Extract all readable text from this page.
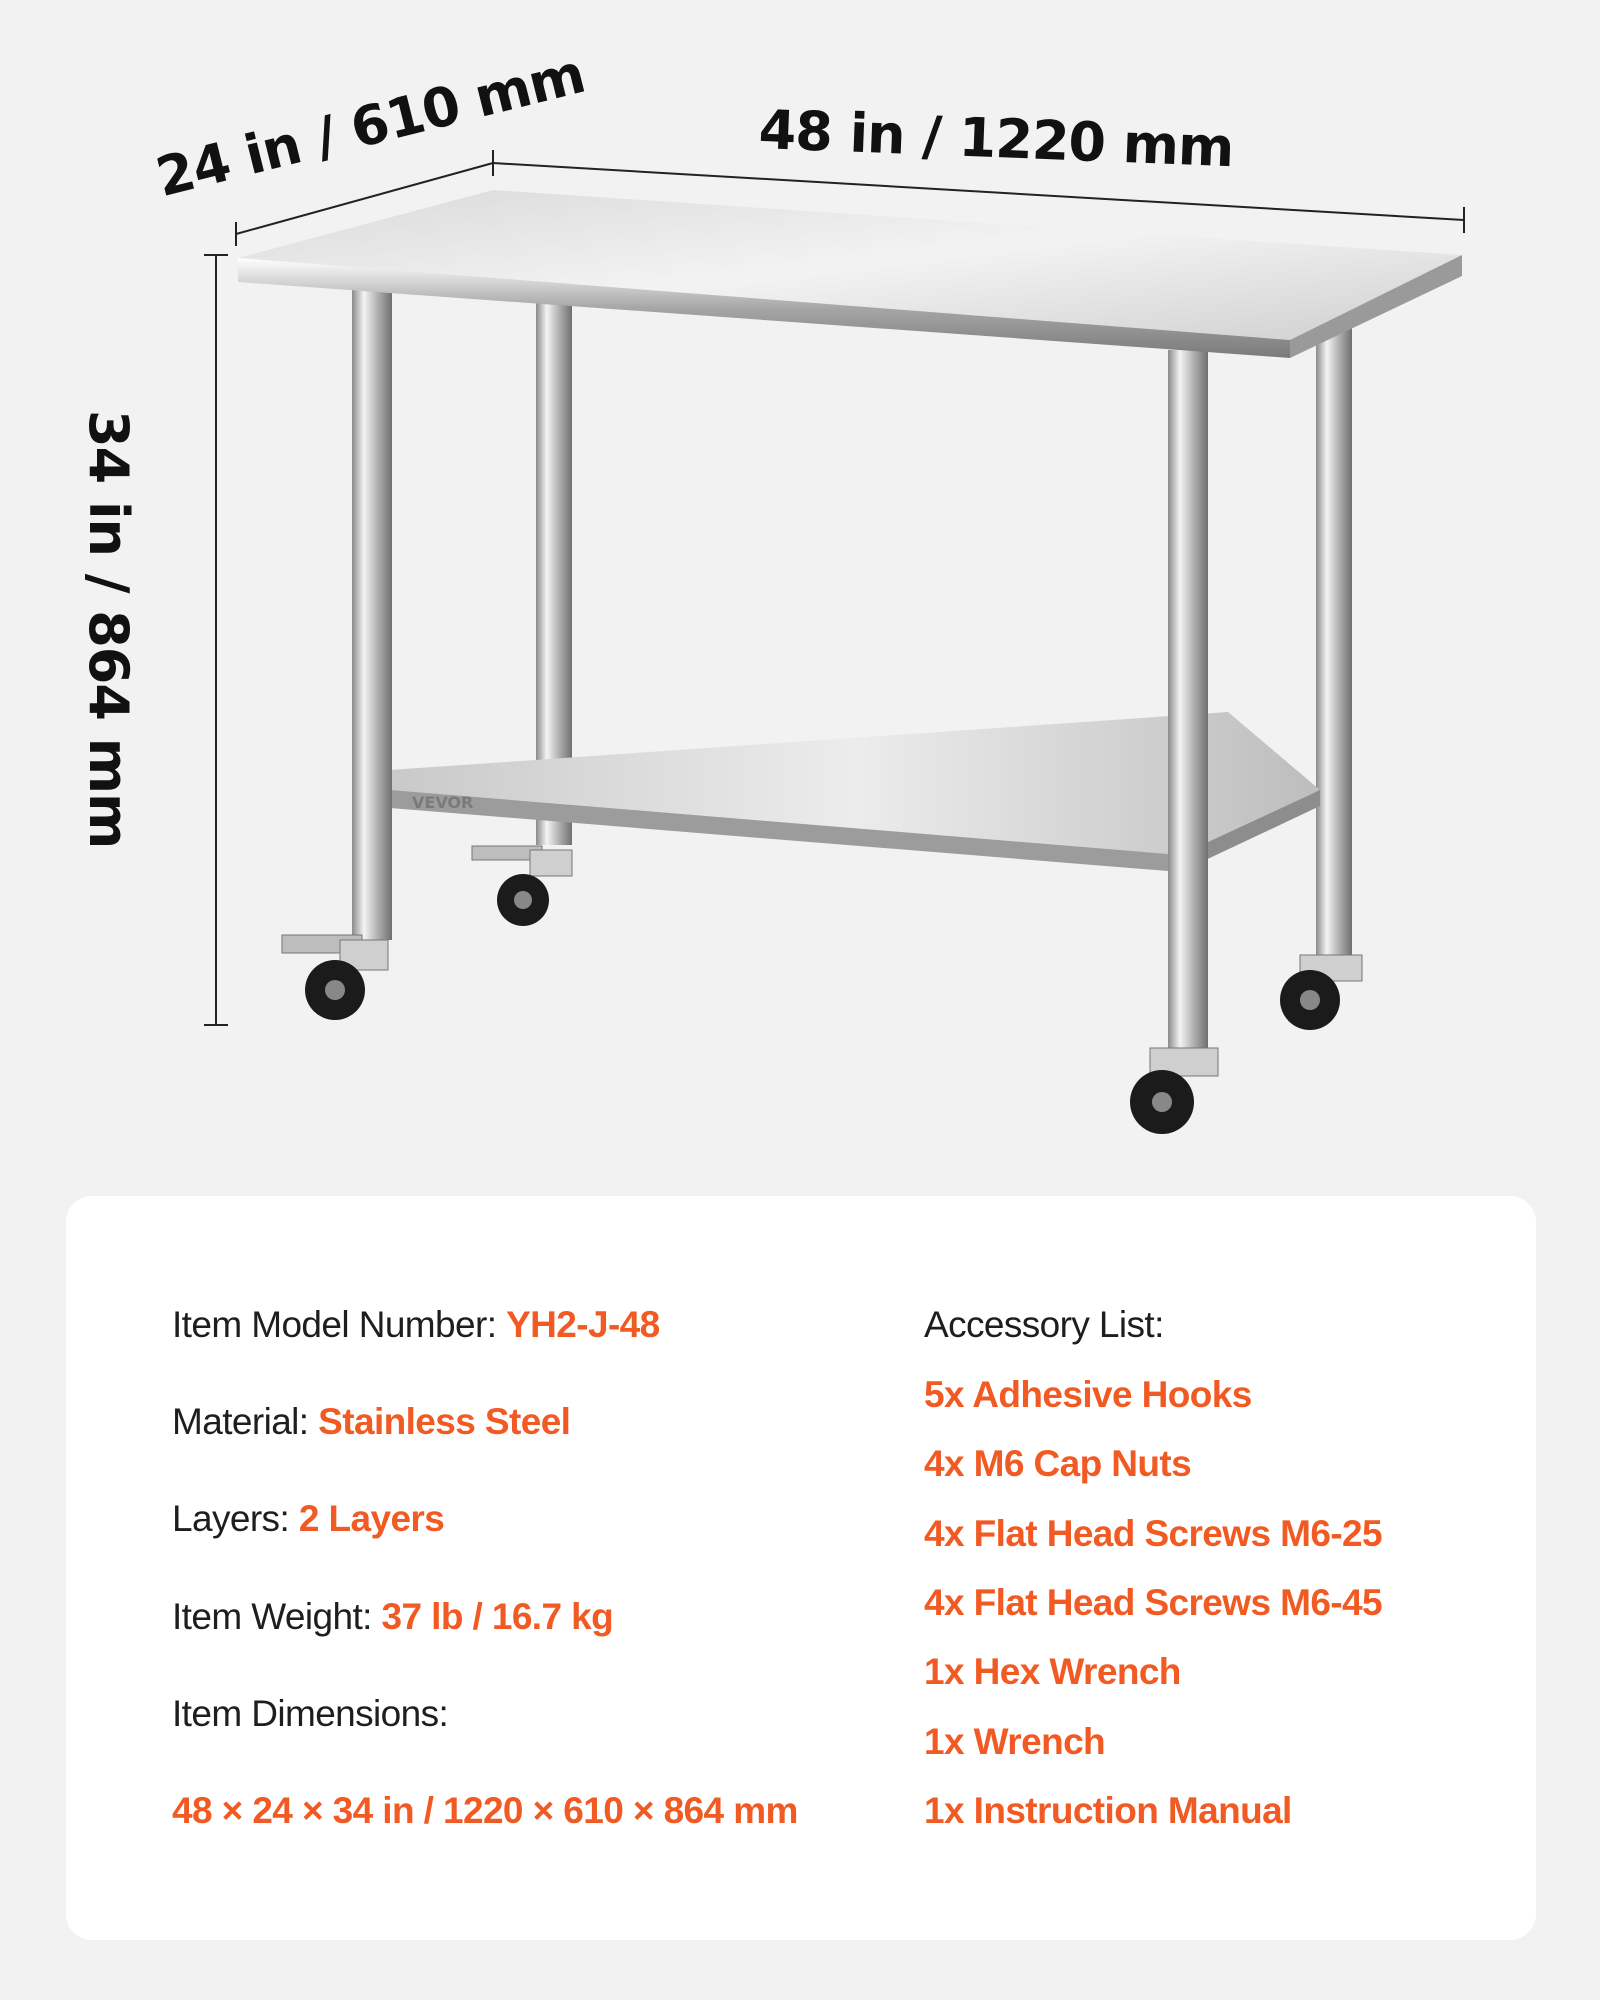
VEVOR
48 in / 1220 mm
24 in / 610 mm
34 in / 864 mm
Item Model Number: YH2-J-48
Material: Stainless Steel
Layers: 2 Layers
Item Weight: 37 lb / 16.7 kg
Item Dimensions:
48 × 24 × 34 in / 1220 × 610 × 864 mm
Accessory List:
5x Adhesive Hooks
4x M6 Cap Nuts
4x Flat Head Screws M6-25
4x Flat Head Screws M6-45
1x Hex Wrench
1x Wrench
1x Instruction Manual
